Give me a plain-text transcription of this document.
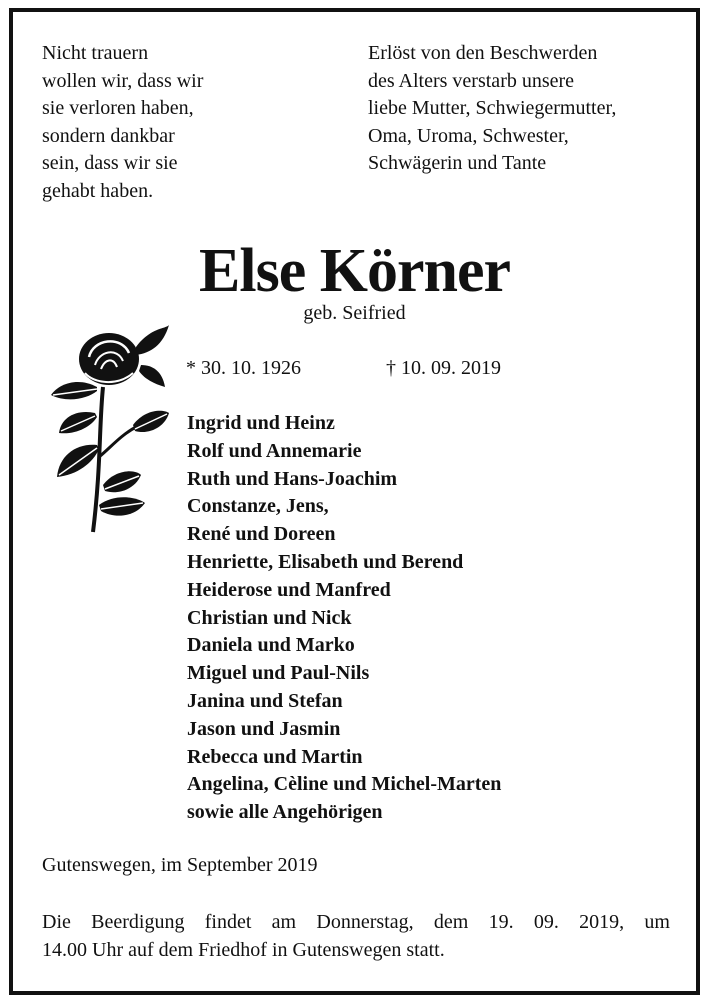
Nicht trauern
wollen wir, dass wir
sie verloren haben,
sondern dankbar
sein, dass wir sie
gehabt haben.
Erlöst von den Beschwerden
des Alters verstarb unsere
liebe Mutter, Schwiegermutter,
Oma, Uroma, Schwester,
Schwägerin und Tante
Else Körner
geb. Seifried
* 30. 10. 1926	† 10. 09. 2019
Ingrid und Heinz
Rolf und Annemarie
Ruth und Hans-Joachim
Constanze, Jens,
René und Doreen
Henriette, Elisabeth und Berend
Heiderose und Manfred
Christian und Nick
Daniela und Marko
Miguel und Paul-Nils
Janina und Stefan
Jason und Jasmin
Rebecca und Martin
Angelina, Cèline und Michel-Marten
sowie alle Angehörigen
Gutenswegen, im September 2019
Die Beerdigung findet am Donnerstag, dem 19. 09. 2019, um
14.00 Uhr auf dem Friedhof in Gutenswegen statt.
